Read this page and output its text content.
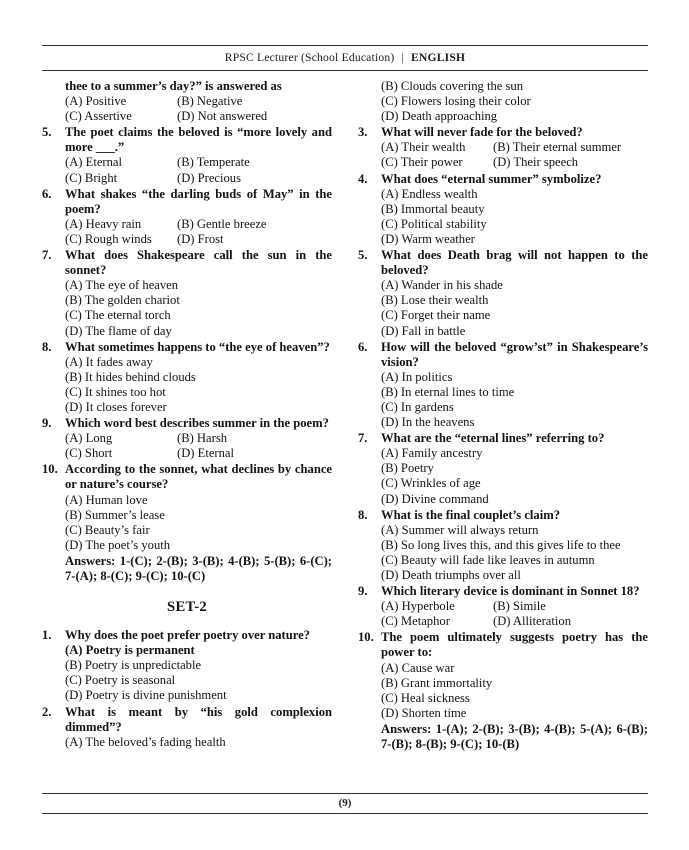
RPSC Lecturer (School Education) | ENGLISH
thee to a summer’s day?” is answered as
(A) Positive	(B) Negative
(C) Assertive	(D) Not answered
5.	The poet claims the beloved is “more lovely and more ___.”
(A) Eternal	(B) Temperate
(C) Bright	(D) Precious
6.	What shakes “the darling buds of May” in the poem?
(A) Heavy rain	(B) Gentle breeze
(C) Rough winds	(D) Frost
7.	What does Shakespeare call the sun in the sonnet?
(A) The eye of heaven
(B) The golden chariot
(C) The eternal torch
(D) The flame of day
8.	What sometimes happens to “the eye of heaven”?
(A) It fades away
(B) It hides behind clouds
(C) It shines too hot
(D) It closes forever
9.	Which word best describes summer in the poem?
(A) Long	(B) Harsh
(C) Short	(D) Eternal
10. According to the sonnet, what declines by chance or nature’s course?
(A) Human love
(B) Summer’s lease
(C) Beauty’s fair
(D) The poet’s youth
Answers: 1-(C); 2-(B); 3-(B); 4-(B); 5-(B); 6-(C); 7-(A); 8-(C); 9-(C); 10-(C)
SET-2
1.	Why does the poet prefer poetry over nature?
(A) Poetry is permanent
(B) Poetry is unpredictable
(C) Poetry is seasonal
(D) Poetry is divine punishment
2.	What is meant by “his gold complexion dimmed”?
(A) The beloved’s fading health
(B) Clouds covering the sun
(C) Flowers losing their color
(D) Death approaching
3.	What will never fade for the beloved?
(A) Their wealth	(B) Their eternal summer
(C) Their power	(D) Their speech
4.	What does “eternal summer” symbolize?
(A) Endless wealth
(B) Immortal beauty
(C) Political stability
(D) Warm weather
5.	What does Death brag will not happen to the beloved?
(A) Wander in his shade
(B) Lose their wealth
(C) Forget their name
(D) Fall in battle
6.	How will the beloved “grow’st” in Shakespeare’s vision?
(A) In politics
(B) In eternal lines to time
(C) In gardens
(D) In the heavens
7.	What are the “eternal lines” referring to?
(A) Family ancestry
(B) Poetry
(C) Wrinkles of age
(D) Divine command
8.	What is the final couplet’s claim?
(A) Summer will always return
(B) So long lives this, and this gives life to thee
(C) Beauty will fade like leaves in autumn
(D) Death triumphs over all
9.	Which literary device is dominant in Sonnet 18?
(A) Hyperbole	(B) Simile
(C) Metaphor	(D) Alliteration
10. The poem ultimately suggests poetry has the power to:
(A) Cause war
(B) Grant immortality
(C) Heal sickness
(D) Shorten time
Answers: 1-(A); 2-(B); 3-(B); 4-(B); 5-(A); 6-(B); 7-(B); 8-(B); 9-(C); 10-(B)
(9)
